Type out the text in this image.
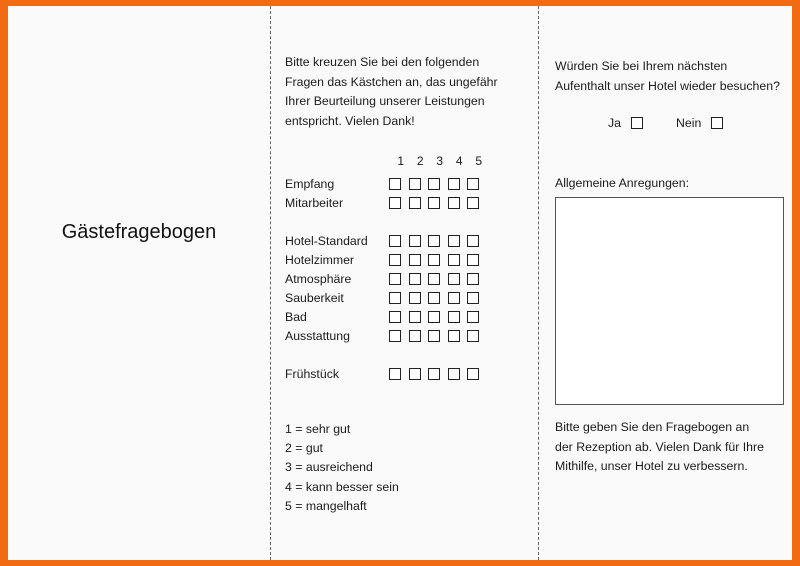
Gästefragebogen
Bitte kreuzen Sie bei den folgenden
Fragen das Kästchen an, das ungefähr
Ihrer Beurteilung unserer Leistungen
entspricht. Vielen Dank!
1	2	3	4	5
Empfang
Mitarbeiter
Hotel-Standard
Hotelzimmer
Atmosphäre
Sauberkeit
Bad
Ausstattung
Frühstück
1 = sehr gut
2 = gut
3 = ausreichend
4 = kann besser sein
5 = mangelhaft
Würden Sie bei Ihrem nächsten
Aufenthalt unser Hotel wieder besuchen?
Ja	Nein
Allgemeine Anregungen:
Bitte geben Sie den Fragebogen an
der Rezeption ab. Vielen Dank für Ihre
Mithilfe, unser Hotel zu verbessern.
